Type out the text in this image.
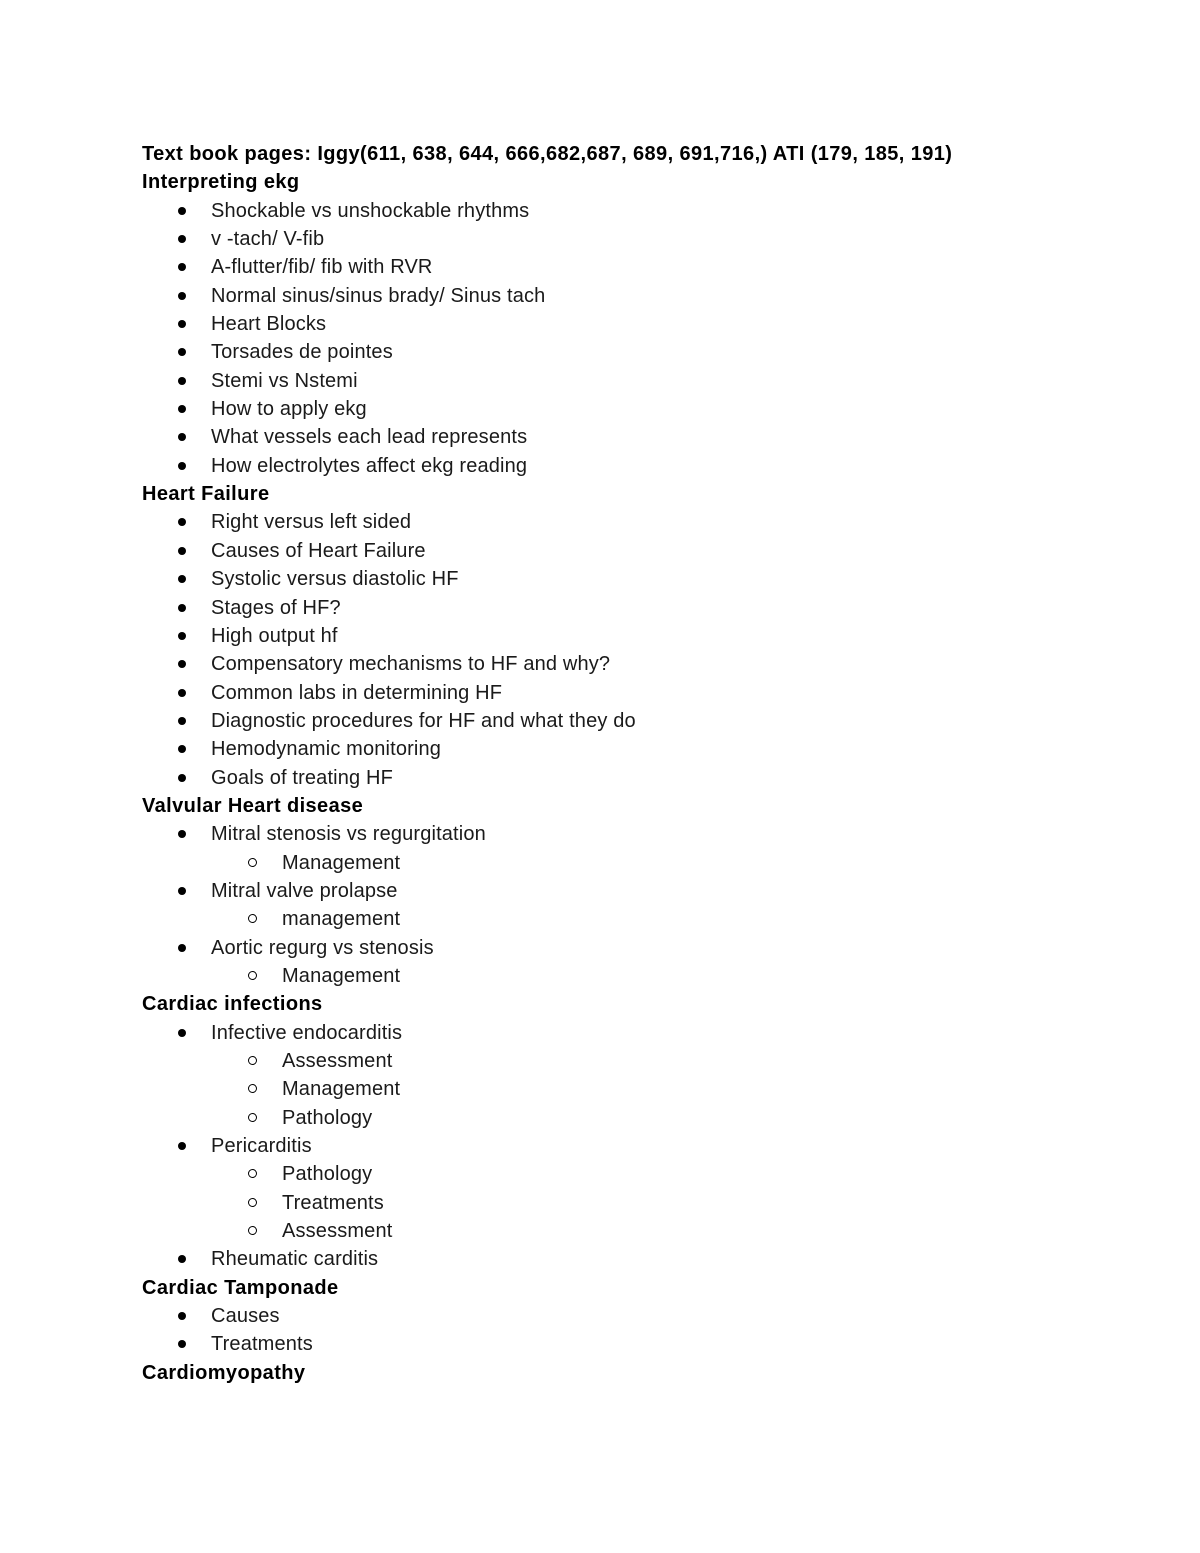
Text book pages: Iggy(611, 638, 644, 666,682,687, 689, 691,716,) ATI (179, 185, 191)
Interpreting ekg
Shockable vs unshockable rhythms
v -tach/ V-fib
A-flutter/fib/ fib with RVR
Normal sinus/sinus brady/ Sinus tach
Heart Blocks
Torsades de pointes
Stemi vs Nstemi
How to apply ekg
What vessels each lead represents
How electrolytes affect ekg reading
Heart Failure
Right versus left sided
Causes of Heart Failure
Systolic versus diastolic HF
Stages of HF?
High output hf
Compensatory mechanisms to HF and why?
Common labs in determining HF
Diagnostic procedures for HF and what they do
Hemodynamic monitoring
Goals of treating HF
Valvular Heart disease
Mitral stenosis vs regurgitation
Management
Mitral valve prolapse
management
Aortic regurg vs stenosis
Management
Cardiac infections
Infective endocarditis
Assessment
Management
Pathology
Pericarditis
Pathology
Treatments
Assessment
Rheumatic carditis
Cardiac Tamponade
Causes
Treatments
Cardiomyopathy
